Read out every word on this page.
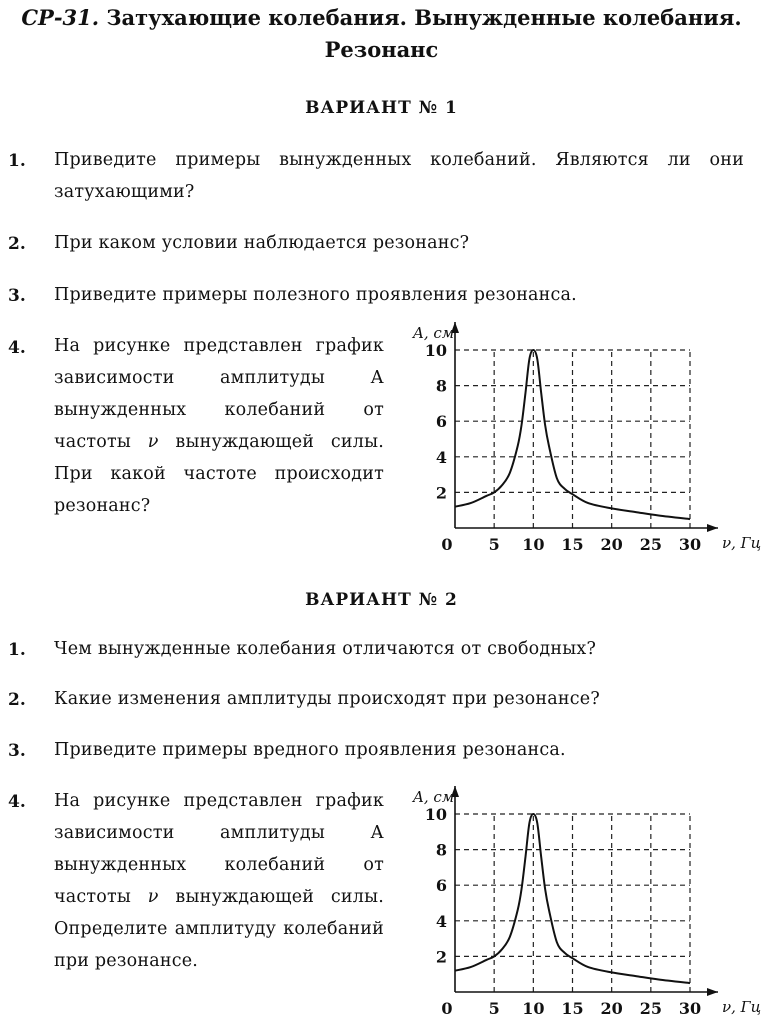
СР-31. Затухающие колебания. Вынужденные колебания.
Резонанс
ВАРИАНТ № 1
1. Приведите примеры вынужденных колебаний. Являются ли они затухающими?
2. При каком условии наблюдается резонанс?
3. Приведите примеры полезного проявления резонанса.
4. На рисунке представлен график зависимости амплитуды А вынужденных колебаний от частоты ν вынуждающей силы. При какой частоте происходит резонанс?
5 10 15 20 25 30
2
4
6
8
10
0
A, см
ν, Гц
ВАРИАНТ № 2
1. Чем вынужденные колебания отличаются от свободных?
2. Какие изменения амплитуды происходят при резонансе?
3. Приведите примеры вредного проявления резонанса.
4. На рисунке представлен график зависимости амплитуды А вынужденных колебаний от частоты ν вынуждающей силы. Определите амплитуду колебаний при резонансе.
5 10 15 20 25 30
2
4
6
8
10
0
A, см
ν, Гц
